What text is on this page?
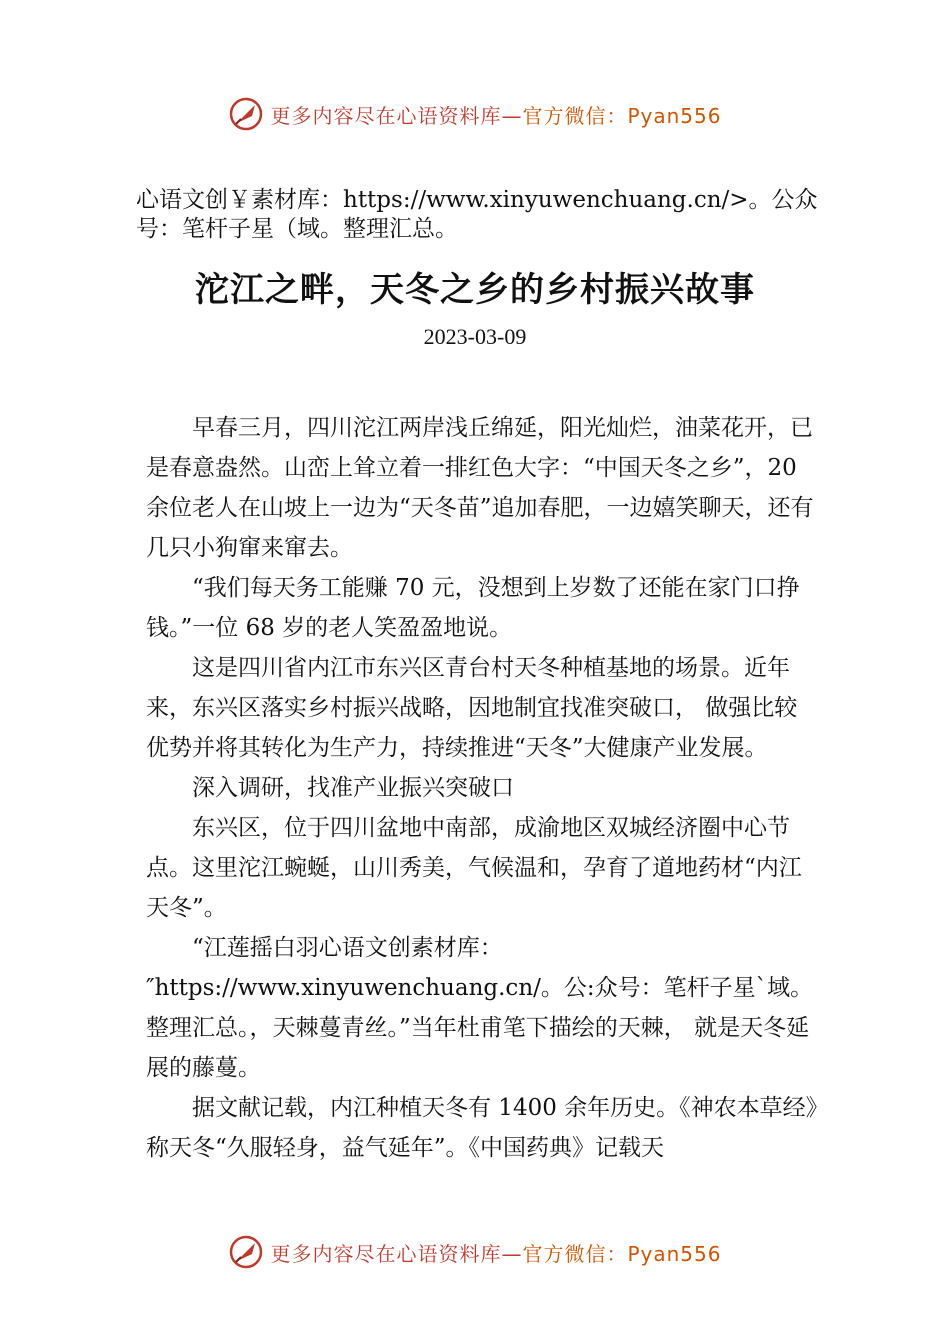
更多内容尽在心语资料库—官方微信：Pyan556
心语文创￥素材库：https://www.xinyuwenchuang.cn/>。公众号：笔杆子星（域。整理汇总。
沱江之畔，天冬之乡的乡村振兴故事
2023-03-09

早春三月，四川沱江两岸浅丘绵延，阳光灿烂，油菜花开，已是春意盎然。山峦上耸立着一排红色大字：“中国天冬之乡”，20 余位老人在山坡上一边为“天冬苗”追加春肥，一边嬉笑聊天，还有几只小狗窜来窜去。

“我们每天务工能赚 70 元，没想到上岁数了还能在家门口挣钱。”一位 68 岁的老人笑盈盈地说。

这是四川省内江市东兴区青台村天冬种植基地的场景。近年来，东兴区落实乡村振兴战略，因地制宜找准突破口， 做强比较优势并将其转化为生产力，持续推进“天冬”大健康产业发展。

深入调研，找准产业振兴突破口

东兴区，位于四川盆地中南部，成渝地区双城经济圈中心节点。这里沱江蜿蜒，山川秀美，气候温和，孕育了道地药材“内江天冬”。

“江莲摇白羽心语文创素材库：″https://www.xinyuwenchuang.cn/。公:众号：笔杆子星`域。整理汇总。，天棘蔓青丝。”当年杜甫笔下描绘的天棘， 就是天冬延展的藤蔓。

据文献记载，内江种植天冬有 1400 余年历史。《神农本草经》称天冬“久服轻身，益气延年”。《中国药典》记载天

更多内容尽在心语资料库—官方微信：Pyan556
